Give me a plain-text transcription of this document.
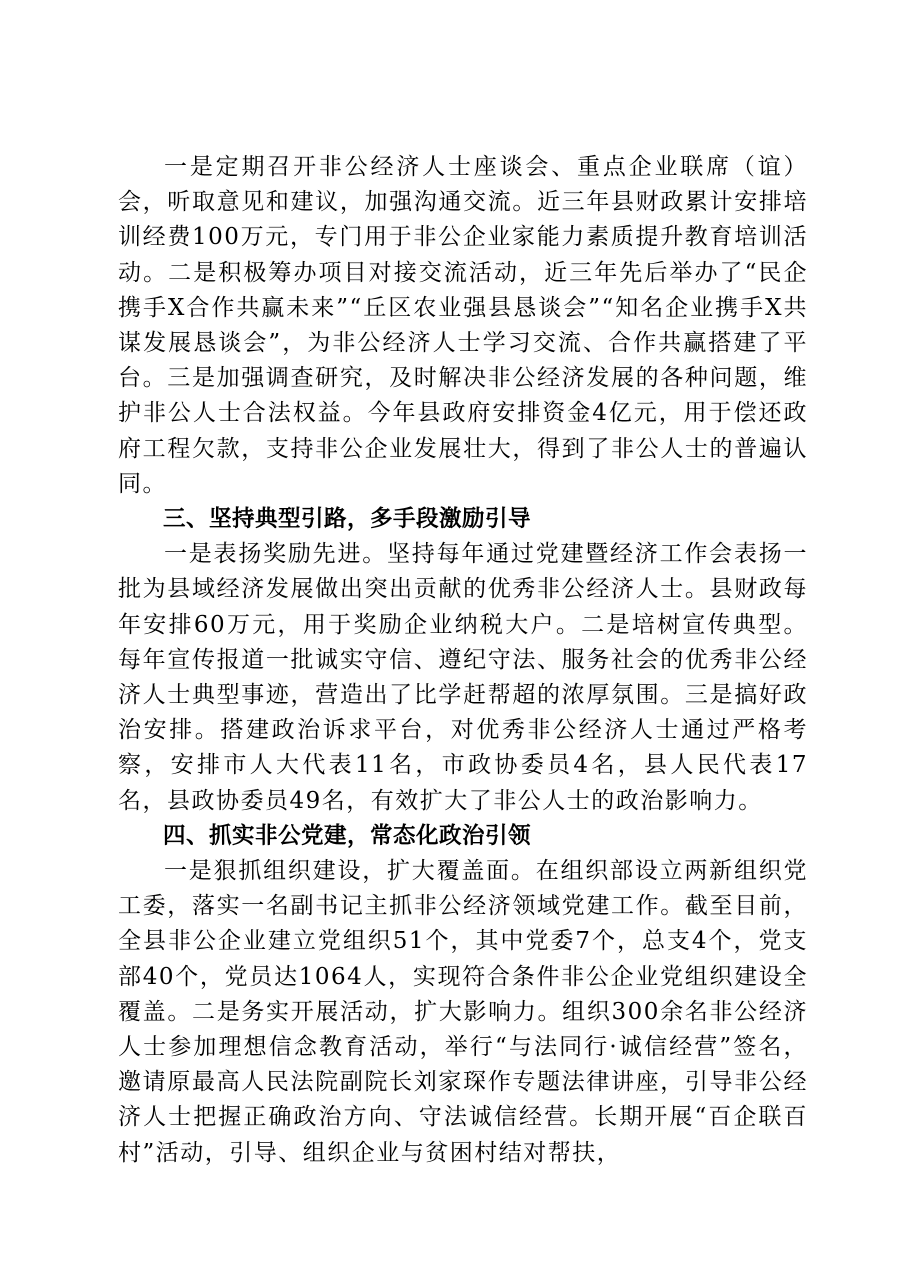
一是定期召开非公经济人士座谈会、重点企业联席（谊）会，听取意见和建议，加强沟通交流。近三年县财政累计安排培训经费100万元，专门用于非公企业家能力素质提升教育培训活动。二是积极筹办项目对接交流活动，近三年先后举办了“民企携手X合作共赢未来”“丘区农业强县恳谈会”“知名企业携手X共谋发展恳谈会”，为非公经济人士学习交流、合作共赢搭建了平台。三是加强调查研究，及时解决非公经济发展的各种问题，维护非公人士合法权益。今年县政府安排资金4亿元，用于偿还政府工程欠款，支持非公企业发展壮大，得到了非公人士的普遍认同。

三、坚持典型引路，多手段激励引导

一是表扬奖励先进。坚持每年通过党建暨经济工作会表扬一批为县域经济发展做出突出贡献的优秀非公经济人士。县财政每年安排60万元，用于奖励企业纳税大户。二是培树宣传典型。每年宣传报道一批诚实守信、遵纪守法、服务社会的优秀非公经济人士典型事迹，营造出了比学赶帮超的浓厚氛围。三是搞好政治安排。搭建政治诉求平台，对优秀非公经济人士通过严格考察，安排市人大代表11名，市政协委员4名，县人民代表17名，县政协委员49名，有效扩大了非公人士的政治影响力。

四、抓实非公党建，常态化政治引领

一是狠抓组织建设，扩大覆盖面。在组织部设立两新组织党工委，落实一名副书记主抓非公经济领域党建工作。截至目前，全县非公企业建立党组织51个，其中党委7个，总支4个，党支部40个，党员达1064人，实现符合条件非公企业党组织建设全覆盖。二是务实开展活动，扩大影响力。组织300余名非公经济人士参加理想信念教育活动，举行“与法同行·诚信经营”签名，邀请原最高人民法院副院长刘家琛作专题法律讲座，引导非公经济人士把握正确政治方向、守法诚信经营。长期开展“百企联百村”活动，引导、组织企业与贫困村结对帮扶，
